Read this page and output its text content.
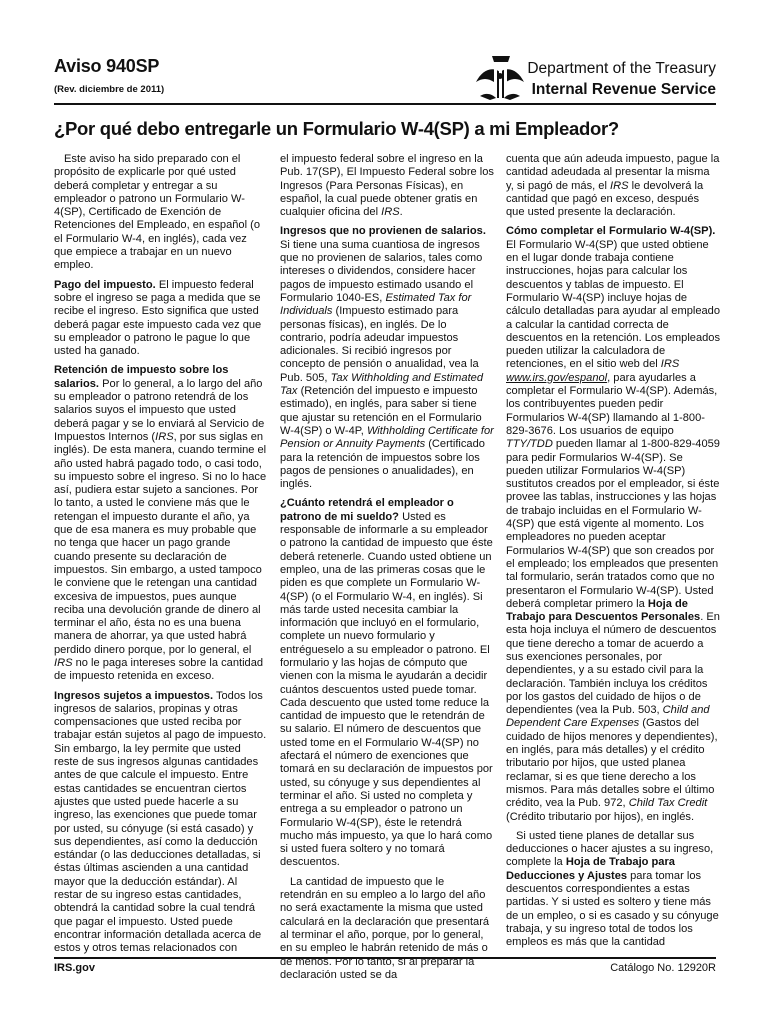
Aviso 940SP
(Rev. diciembre de 2011)
Department of the Treasury
Internal Revenue Service
¿Por qué debo entregarle un Formulario W-4(SP) a mi Empleador?

Este aviso ha sido preparado con el propósito de explicarle por qué usted deberá completar y entregar a su empleador o patrono un Formulario W-4(SP), Certificado de Exención de Retenciones del Empleado, en español (o el Formulario W-4, en inglés), cada vez que empiece a trabajar en un nuevo empleo.

Pago del impuesto. El impuesto federal sobre el ingreso se paga a medida que se recibe el ingreso. Esto significa que usted deberá pagar este impuesto cada vez que su empleador o patrono le pague lo que usted ha ganado.

Retención de impuesto sobre los salarios. Por lo general, a lo largo del año su empleador o patrono retendrá de los salarios suyos el impuesto que usted deberá pagar y se lo enviará al Servicio de Impuestos Internos (IRS, por sus siglas en inglés). De esta manera, cuando termine el año usted habrá pagado todo, o casi todo, su impuesto sobre el ingreso. Si no lo hace así, pudiera estar sujeto a sanciones. Por lo tanto, a usted le conviene más que le retengan el impuesto durante el año, ya que de esa manera es muy probable que no tenga que hacer un pago grande cuando presente su declaración de impuestos. Sin embargo, a usted tampoco le conviene que le retengan una cantidad excesiva de impuestos, pues aunque reciba una devolución grande de dinero al terminar el año, ésta no es una buena manera de ahorrar, ya que usted habrá perdido dinero porque, por lo general, el IRS no le paga intereses sobre la cantidad de impuesto retenida en exceso.

Ingresos sujetos a impuestos. Todos los ingresos de salarios, propinas y otras compensaciones que usted reciba por trabajar están sujetos al pago de impuesto. Sin embargo, la ley permite que usted reste de sus ingresos algunas cantidades antes de que calcule el impuesto. Entre estas cantidades se encuentran ciertos ajustes que usted puede hacerle a su ingreso, las exenciones que puede tomar por usted, su cónyuge (si está casado) y sus dependientes, así como la deducción estándar (o las deducciones detalladas, si éstas últimas ascienden a una cantidad mayor que la deducción estándar). Al restar de su ingreso estas cantidades, obtendrá la cantidad sobre la cual tendrá que pagar el impuesto. Usted puede encontrar información detallada acerca de estos y otros temas relacionados con

el impuesto federal sobre el ingreso en la Pub. 17(SP), El Impuesto Federal sobre los Ingresos (Para Personas Físicas), en español, la cual puede obtener gratis en cualquier oficina del IRS.

Ingresos que no provienen de salarios. Si tiene una suma cuantiosa de ingresos que no provienen de salarios, tales como intereses o dividendos, considere hacer pagos de impuesto estimado usando el Formulario 1040-ES, Estimated Tax for Individuals (Impuesto estimado para personas físicas), en inglés. De lo contrario, podría adeudar impuestos adicionales. Si recibió ingresos por concepto de pensión o anualidad, vea la Pub. 505, Tax Withholding and Estimated Tax (Retención del impuesto e impuesto estimado), en inglés, para saber si tiene que ajustar su retención en el Formulario W-4(SP) o W-4P, Withholding Certificate for Pension or Annuity Payments (Certificado para la retención de impuestos sobre los pagos de pensiones o anualidades), en inglés.

¿Cuánto retendrá el empleador o patrono de mi sueldo? Usted es responsable de informarle a su empleador o patrono la cantidad de impuesto que éste deberá retenerle. Cuando usted obtiene un empleo, una de las primeras cosas que le piden es que complete un Formulario W-4(SP) (o el Formulario W-4, en inglés). Si más tarde usted necesita cambiar la información que incluyó en el formulario, complete un nuevo formulario y entrégueselo a su empleador o patrono. El formulario y las hojas de cómputo que vienen con la misma le ayudarán a decidir cuántos descuentos usted puede tomar. Cada descuento que usted tome reduce la cantidad de impuesto que le retendrán de su salario. El número de descuentos que usted tome en el Formulario W-4(SP) no afectará el número de exenciones que tomará en su declaración de impuestos por usted, su cónyuge y sus dependientes al terminar el año. Si usted no completa y entrega a su empleador o patrono un Formulario W-4(SP), éste le retendrá mucho más impuesto, ya que lo hará como si usted fuera soltero y no tomará descuentos.

La cantidad de impuesto que le retendrán en su empleo a lo largo del año no será exactamente la misma que usted calculará en la declaración que presentará al terminar el año, porque, por lo general, en su empleo le habrán retenido de más o de menos. Por lo tanto, si al preparar la declaración usted se da

cuenta que aún adeuda impuesto, pague la cantidad adeudada al presentar la misma y, si pagó de más, el IRS le devolverá la cantidad que pagó en exceso, después que usted presente la declaración.

Cómo completar el Formulario W-4(SP). El Formulario W-4(SP) que usted obtiene en el lugar donde trabaja contiene instrucciones, hojas para calcular los descuentos y tablas de impuesto. El Formulario W-4(SP) incluye hojas de cálculo detalladas para ayudar al empleado a calcular la cantidad correcta de descuentos en la retención. Los empleados pueden utilizar la calculadora de retenciones, en el sitio web del IRS www.irs.gov/espanol, para ayudarles a completar el Formulario W-4(SP). Además, los contribuyentes pueden pedir Formularios W-4(SP) llamando al 1-800-829-3676. Los usuarios de equipo TTY/TDD pueden llamar al 1-800-829-4059 para pedir Formularios W-4(SP). Se pueden utilizar Formularios W-4(SP) sustitutos creados por el empleador, si éste provee las tablas, instrucciones y las hojas de trabajo incluidas en el Formulario W-4(SP) que está vigente al momento. Los empleadores no pueden aceptar Formularios W-4(SP) que son creados por el empleado; los empleados que presenten tal formulario, serán tratados como que no presentaron el Formulario W-4(SP). Usted deberá completar primero la Hoja de Trabajo para Descuentos Personales. En esta hoja incluya el número de descuentos que tiene derecho a tomar de acuerdo a sus exenciones personales, por dependientes, y a su estado civil para la declaración. También incluya los créditos por los gastos del cuidado de hijos o de dependientes (vea la Pub. 503, Child and Dependent Care Expenses (Gastos del cuidado de hijos menores y dependientes), en inglés, para más detalles) y el crédito tributario por hijos, que usted planea reclamar, si es que tiene derecho a los mismos. Para más detalles sobre el último crédito, vea la Pub. 972, Child Tax Credit (Crédito tributario por hijos), en inglés.

Si usted tiene planes de detallar sus deducciones o hacer ajustes a su ingreso, complete la Hoja de Trabajo para Deducciones y Ajustes para tomar los descuentos correspondientes a estas partidas. Y si usted es soltero y tiene más de un empleo, o si es casado y su cónyuge trabaja, y su ingreso total de todos los empleos es más que la cantidad

IRS.gov	Catálogo No. 12920R
